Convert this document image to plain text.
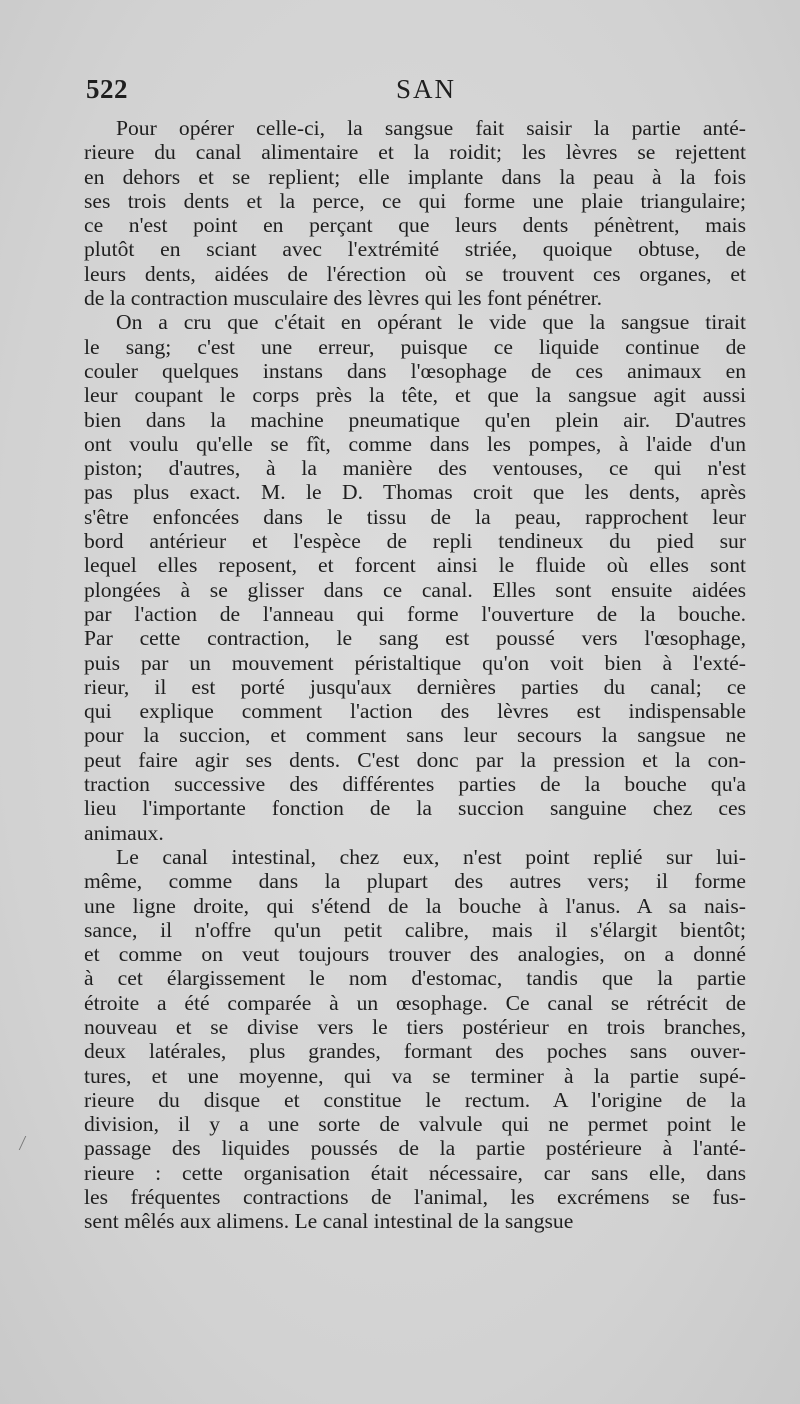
522	SAN
Pour opérer celle-ci, la sangsue fait saisir la partie anté-
rieure du canal alimentaire et la roidit; les lèvres se rejettent
en dehors et se replient; elle implante dans la peau à la fois
ses trois dents et la perce, ce qui forme une plaie triangulaire;
ce n'est point en perçant que leurs dents pénètrent, mais
plutôt en sciant avec l'extrémité striée, quoique obtuse, de
leurs dents, aidées de l'érection où se trouvent ces organes, et
de la contraction musculaire des lèvres qui les font pénétrer.
On a cru que c'était en opérant le vide que la sangsue tirait
le sang; c'est une erreur, puisque ce liquide continue de
couler quelques instans dans l'œsophage de ces animaux en
leur coupant le corps près la tête, et que la sangsue agit aussi
bien dans la machine pneumatique qu'en plein air. D'autres
ont voulu qu'elle se fît, comme dans les pompes, à l'aide d'un
piston; d'autres, à la manière des ventouses, ce qui n'est
pas plus exact. M. le D. Thomas croit que les dents, après
s'être enfoncées dans le tissu de la peau, rapprochent leur
bord antérieur et l'espèce de repli tendineux du pied sur
lequel elles reposent, et forcent ainsi le fluide où elles sont
plongées à se glisser dans ce canal. Elles sont ensuite aidées
par l'action de l'anneau qui forme l'ouverture de la bouche.
Par cette contraction, le sang est poussé vers l'œsophage,
puis par un mouvement péristaltique qu'on voit bien à l'exté-
rieur, il est porté jusqu'aux dernières parties du canal; ce
qui explique comment l'action des lèvres est indispensable
pour la succion, et comment sans leur secours la sangsue ne
peut faire agir ses dents. C'est donc par la pression et la con-
traction successive des différentes parties de la bouche qu'a
lieu l'importante fonction de la succion sanguine chez ces
animaux.
Le canal intestinal, chez eux, n'est point replié sur lui-
même, comme dans la plupart des autres vers; il forme
une ligne droite, qui s'étend de la bouche à l'anus. A sa nais-
sance, il n'offre qu'un petit calibre, mais il s'élargit bientôt;
et comme on veut toujours trouver des analogies, on a donné
à cet élargissement le nom d'estomac, tandis que la partie
étroite a été comparée à un œsophage. Ce canal se rétrécit de
nouveau et se divise vers le tiers postérieur en trois branches,
deux latérales, plus grandes, formant des poches sans ouver-
tures, et une moyenne, qui va se terminer à la partie supé-
rieure du disque et constitue le rectum. A l'origine de la
division, il y a une sorte de valvule qui ne permet point le
passage des liquides poussés de la partie postérieure à l'anté-
rieure : cette organisation était nécessaire, car sans elle, dans
les fréquentes contractions de l'animal, les excrémens se fus-
sent mêlés aux alimens. Le canal intestinal de la sangsue
